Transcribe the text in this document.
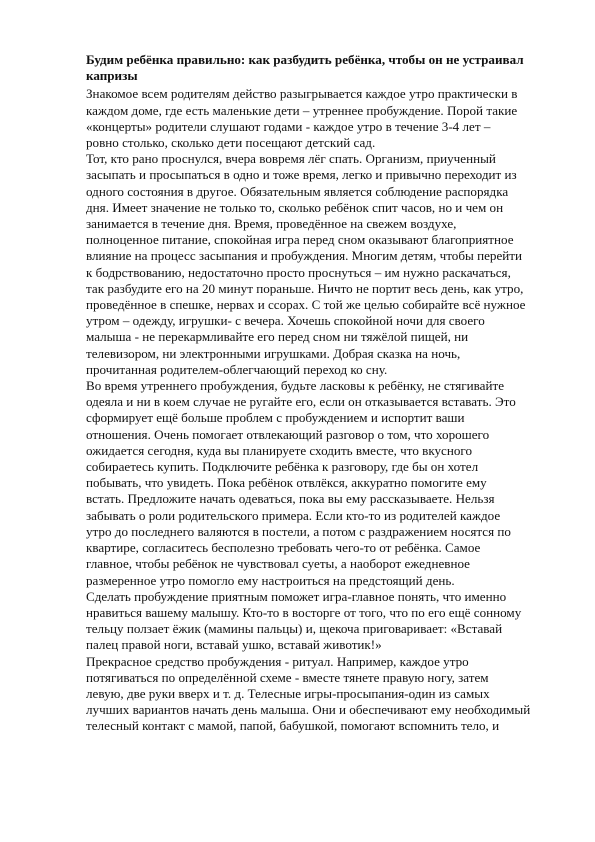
Будим ребёнка правильно: как разбудить ребёнка, чтобы он не устраивал
капризы
Знакомое всем родителям действо разыгрывается каждое утро практически в
каждом доме, где есть маленькие дети – утреннее пробуждение. Порой такие
«концерты» родители слушают годами - каждое утро в течение 3-4 лет –
ровно столько, сколько дети посещают детский сад.
Тот, кто рано проснулся, вчера вовремя лёг спать. Организм, приученный
засыпать и просыпаться в одно и тоже время, легко и привычно переходит из
одного состояния в другое. Обязательным является соблюдение распорядка
дня. Имеет значение не только то, сколько ребёнок спит часов, но и чем он
занимается в течение дня. Время, проведённое на свежем воздухе,
полноценное питание, спокойная игра перед сном оказывают благоприятное
влияние на процесс засыпания и пробуждения. Многим детям, чтобы перейти
к бодрствованию, недостаточно просто проснуться – им нужно раскачаться,
так разбудите его на 20 минут пораньше. Ничто не портит весь день, как утро,
проведённое в спешке, нервах и ссорах. С той же целью собирайте всё нужное
утром – одежду, игрушки- с вечера. Хочешь спокойной ночи для своего
малыша - не перекармливайте его перед сном ни тяжёлой пищей, ни
телевизором, ни электронными игрушками. Добрая сказка на ночь,
прочитанная родителем-облегчающий переход ко сну.
Во время утреннего пробуждения, будьте ласковы к ребёнку, не стягивайте
одеяла и ни в коем случае не ругайте его, если он отказывается вставать. Это
сформирует ещё больше проблем с пробуждением и испортит ваши
отношения. Очень помогает отвлекающий разговор о том, что хорошего
ожидается сегодня, куда вы планируете сходить вместе, что вкусного
собираетесь купить. Подключите ребёнка к разговору, где бы он хотел
побывать, что увидеть. Пока ребёнок отвлёкся, аккуратно помогите ему
встать. Предложите начать одеваться, пока вы ему рассказываете. Нельзя
забывать о роли родительского примера. Если кто-то из родителей каждое
утро до последнего валяются в постели, а потом с раздражением носятся по
квартире, согласитесь бесполезно требовать чего-то от ребёнка. Самое
главное, чтобы ребёнок не чувствовал суеты, а наоборот ежедневное
размеренное утро помогло ему настроиться на предстоящий день.
Сделать пробуждение приятным поможет игра-главное понять, что именно
нравиться вашему малышу. Кто-то в восторге от того, что по его ещё сонному
тельцу ползает ёжик (мамины пальцы) и, щекоча приговаривает: «Вставай
палец правой ноги, вставай ушко, вставай животик!»
Прекрасное средство пробуждения - ритуал. Например, каждое утро
потягиваться по определённой схеме - вместе тянете правую ногу, затем
левую, две руки вверх и т. д. Телесные игры-просыпания-один из самых
лучших вариантов начать день малыша. Они и обеспечивают ему необходимый
телесный контакт с мамой, папой, бабушкой, помогают вспомнить тело, и
